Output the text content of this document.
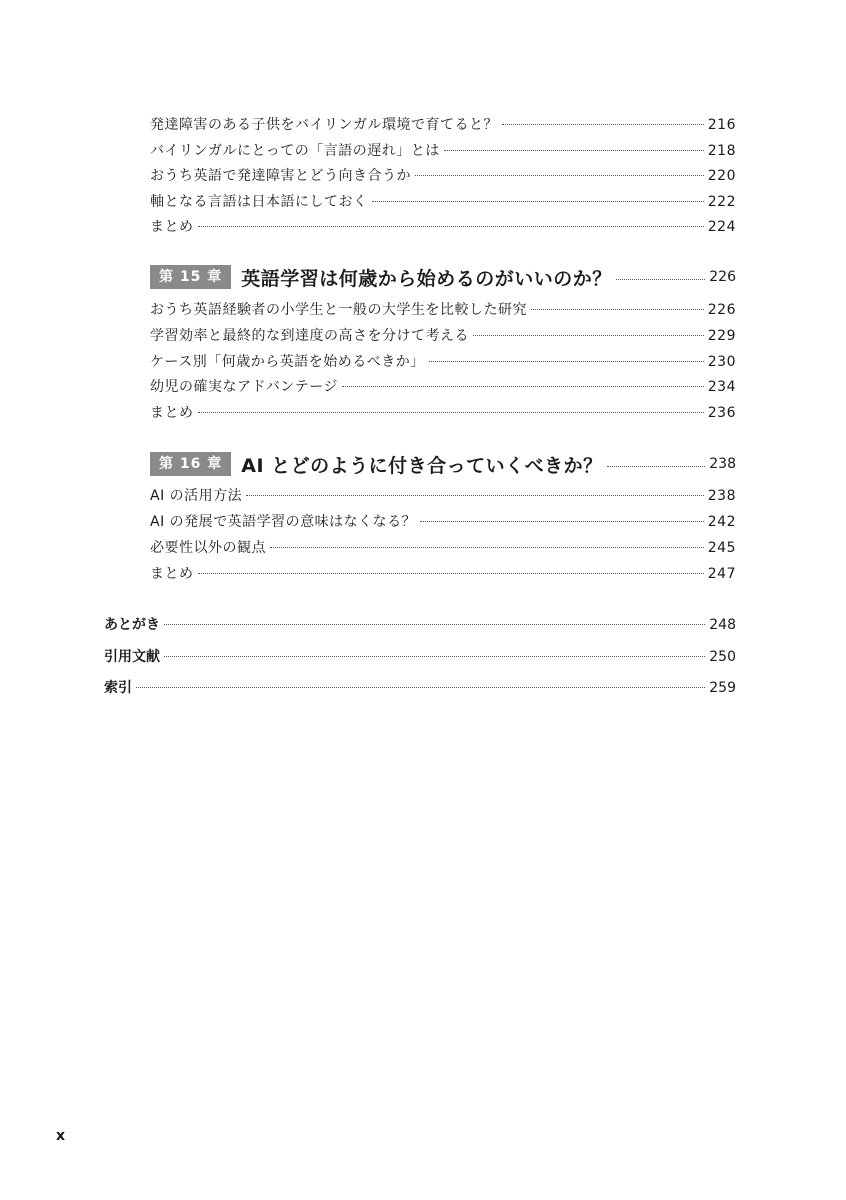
発達障害のある子供をバイリンガル環境で育てると？	216
バイリンガルにとっての「言語の遅れ」とは	218
おうち英語で発達障害とどう向き合うか	220
軸となる言語は日本語にしておく	222
まとめ	224
第 15 章	英語学習は何歳から始めるのがいいのか？	226
おうち英語経験者の小学生と一般の大学生を比較した研究	226
学習効率と最終的な到達度の高さを分けて考える	229
ケース別「何歳から英語を始めるべきか」	230
幼児の確実なアドバンテージ	234
まとめ	236
第 16 章	AI とどのように付き合っていくべきか？	238
AI の活用方法	238
AI の発展で英語学習の意味はなくなる？	242
必要性以外の観点	245
まとめ	247
あとがき	248
引用文献	250
索引	259
x
